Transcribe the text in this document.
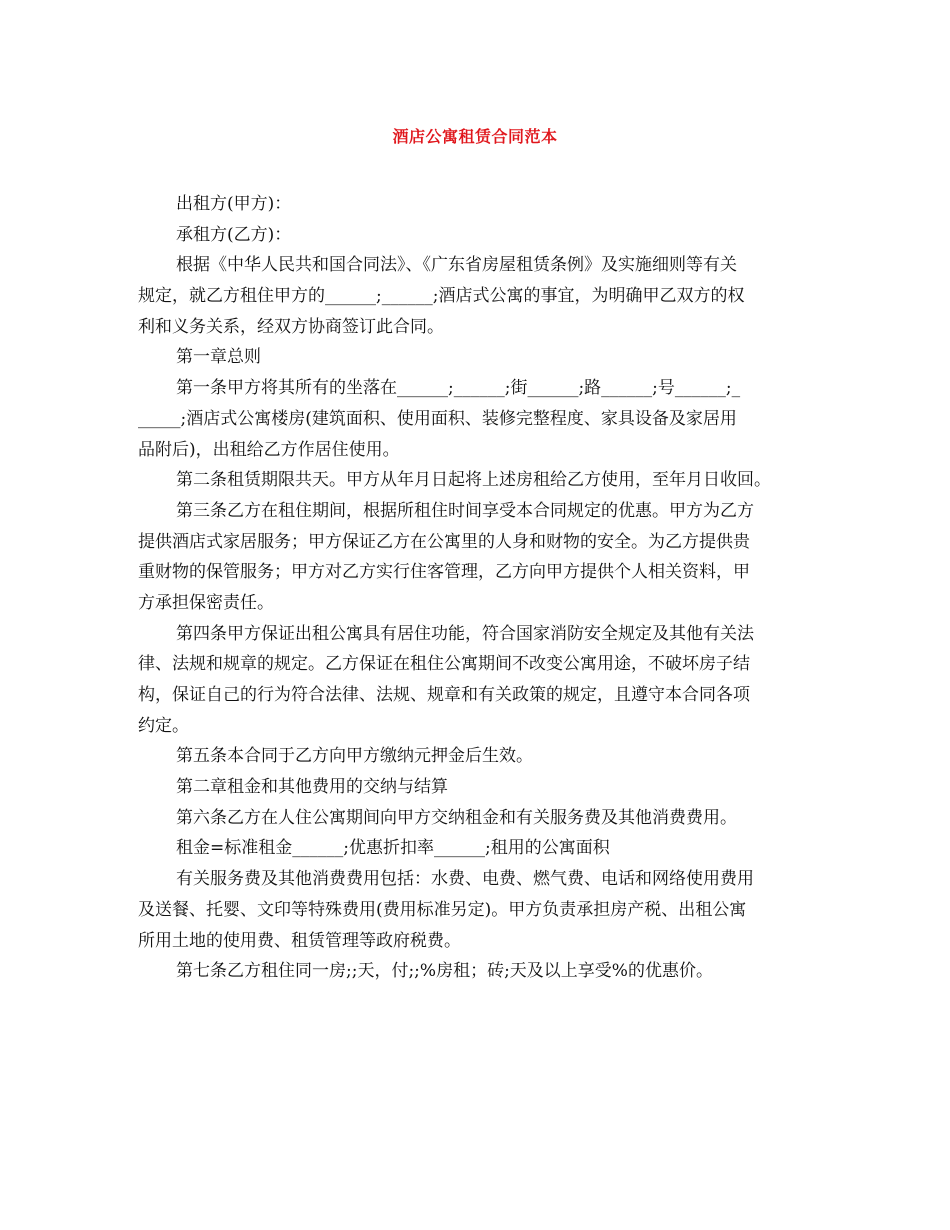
酒店公寓租赁合同范本
出租方(甲方)：
承租方(乙方)：
根据《中华人民共和国合同法》、《广东省房屋租赁条例》及实施细则等有关
规定，就乙方租住甲方的______;______;酒店式公寓的事宜，为明确甲乙双方的权
利和义务关系，经双方协商签订此合同。
第一章总则
第一条甲方将其所有的坐落在______;______;街______;路______;号______;_
_____;酒店式公寓楼房(建筑面积、使用面积、装修完整程度、家具设备及家居用
品附后)，出租给乙方作居住使用。
第二条租赁期限共天。甲方从年月日起将上述房租给乙方使用，至年月日收回。
第三条乙方在租住期间，根据所租住时间享受本合同规定的优惠。甲方为乙方
提供酒店式家居服务；甲方保证乙方在公寓里的人身和财物的安全。为乙方提供贵
重财物的保管服务；甲方对乙方实行住客管理，乙方向甲方提供个人相关资料，甲
方承担保密责任。
第四条甲方保证出租公寓具有居住功能，符合国家消防安全规定及其他有关法
律、法规和规章的规定。乙方保证在租住公寓期间不改变公寓用途，不破坏房子结
构，保证自己的行为符合法律、法规、规章和有关政策的规定，且遵守本合同各项
约定。
第五条本合同于乙方向甲方缴纳元押金后生效。
第二章租金和其他费用的交纳与结算
第六条乙方在人住公寓期间向甲方交纳租金和有关服务费及其他消费费用。
租金=标准租金______;优惠折扣率______;租用的公寓面积
有关服务费及其他消费费用包括：水费、电费、燃气费、电话和网络使用费用
及送餐、托婴、文印等特殊费用(费用标准另定)。甲方负责承担房产税、出租公寓
所用土地的使用费、租赁管理等政府税费。
第七条乙方租住同一房;;天，付;;%房租；砖;天及以上享受%的优惠价。
